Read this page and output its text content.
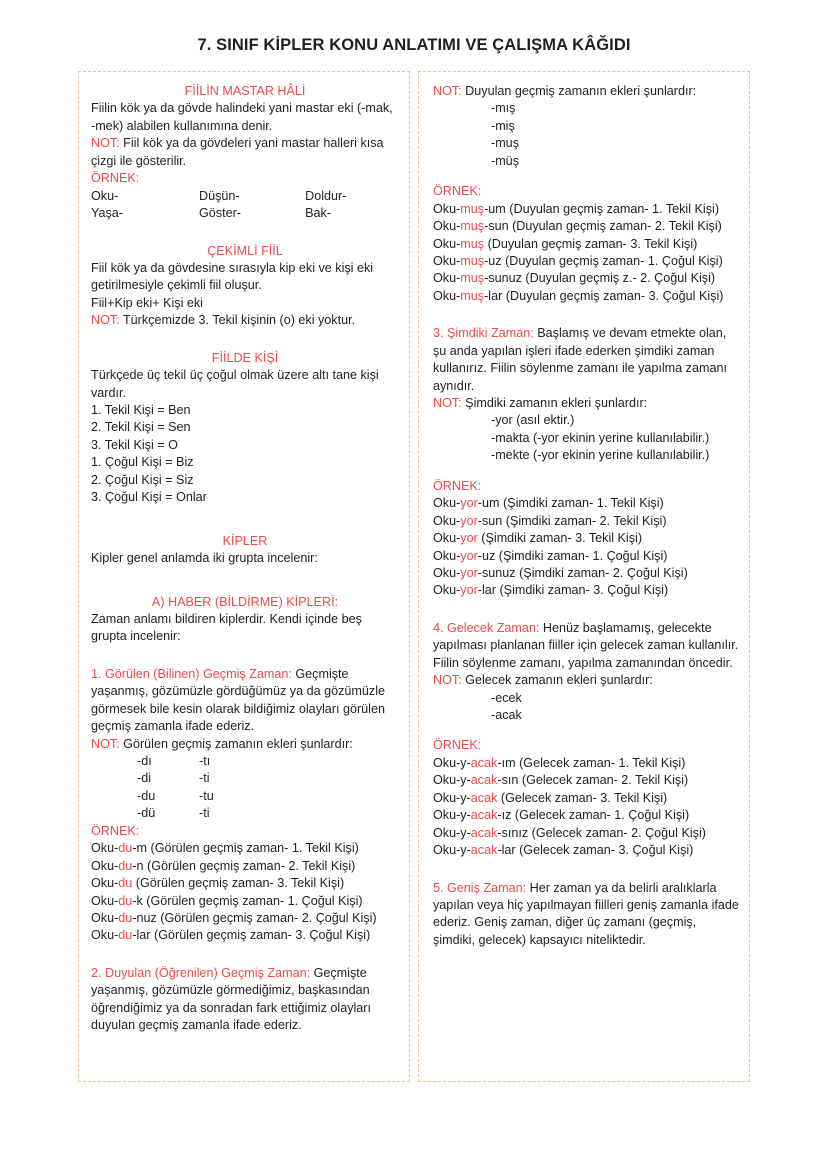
7. SINIF KİPLER KONU ANLATIMI VE ÇALIŞMA KÂĞIDI

FİİLİN MASTAR HÂLİ

Fiilin kök ya da gövde halindeki yani mastar eki (-mak, -mek) alabilen kullanımına denir.

NOT: Fiil kök ya da gövdeleri yani mastar halleri kısa çizgi ile gösterilir.

ÖRNEK:

Oku-	Düşün-	Doldur-
Yaşa-	Göster-	Bak-

ÇEKİMLİ FİİL

Fiil kök ya da gövdesine sırasıyla kip eki ve kişi eki getirilmesiyle çekimli fiil oluşur.

Fiil+Kip eki+ Kişi eki

NOT: Türkçemizde 3. Tekil kişinin (o) eki yoktur.

FİİLDE KİŞİ

Türkçede üç tekil üç çoğul olmak üzere altı tane kişi vardır.

1. Tekil Kişi = Ben

2. Tekil Kişi = Sen

3. Tekil Kişi = O

1. Çoğul Kişi = Biz

2. Çoğul Kişi = Siz

3. Çoğul Kişi = Onlar

KİPLER

Kipler genel anlamda iki grupta incelenir:

A) HABER (BİLDİRME) KİPLERİ:

Zaman anlamı bildiren kiplerdir. Kendi içinde beş grupta incelenir:

1. Görülen (Bilinen) Geçmiş Zaman: Geçmişte yaşanmış, gözümüzle gördüğümüz ya da gözümüzle görmesek bile kesin olarak bildiğimiz olayları görülen geçmiş zamanla ifade ederiz.

NOT: Görülen geçmiş zamanın ekleri şunlardır:

-dı	-tı
-di	-ti
-du	-tu
-dü	-ti

ÖRNEK:

Oku-du-m (Görülen geçmiş zaman- 1. Tekil Kişi)

Oku-du-n (Görülen geçmiş zaman- 2. Tekil Kişi)

Oku-du (Görülen geçmiş zaman- 3. Tekil Kişi)

Oku-du-k (Görülen geçmiş zaman- 1. Çoğul Kişi)

Oku-du-nuz (Görülen geçmiş zaman- 2. Çoğul Kişi)

Oku-du-lar (Görülen geçmiş zaman- 3. Çoğul Kişi)

2. Duyulan (Öğrenilen) Geçmiş Zaman: Geçmişte yaşanmış, gözümüzle görmediğimiz, başkasından öğrendiğimiz ya da sonradan fark ettiğimiz olayları duyulan geçmiş zamanla ifade ederiz.

NOT: Duyulan geçmiş zamanın ekleri şunlardır:

-mış

-miş

-muş

-müş

ÖRNEK:

Oku-muş-um (Duyulan geçmiş zaman- 1. Tekil Kişi)

Oku-muş-sun (Duyulan geçmiş zaman- 2. Tekil Kişi)

Oku-muş (Duyulan geçmiş zaman- 3. Tekil Kişi)

Oku-muş-uz (Duyulan geçmiş zaman- 1. Çoğul Kişi)

Oku-muş-sunuz (Duyulan geçmiş z.- 2. Çoğul Kişi)

Oku-muş-lar (Duyulan geçmiş zaman- 3. Çoğul Kişi)

3. Şimdiki Zaman: Başlamış ve devam etmekte olan, şu anda yapılan işleri ifade ederken şimdiki zaman kullanırız. Fiilin söylenme zamanı ile yapılma zamanı aynıdır.

NOT: Şimdiki zamanın ekleri şunlardır:

-yor (asıl ektir.)

-makta (-yor ekinin yerine kullanılabilir.)

-mekte (-yor ekinin yerine kullanılabilir.)

ÖRNEK:

Oku-yor-um (Şimdiki zaman- 1. Tekil Kişi)

Oku-yor-sun (Şimdiki zaman- 2. Tekil Kişi)

Oku-yor (Şimdiki zaman- 3. Tekil Kişi)

Oku-yor-uz (Şimdiki zaman- 1. Çoğul Kişi)

Oku-yor-sunuz (Şimdiki zaman- 2. Çoğul Kişi)

Oku-yor-lar (Şimdiki zaman- 3. Çoğul Kişi)

4. Gelecek Zaman: Henüz başlamamış, gelecekte yapılması planlanan fiiller için gelecek zaman kullanılır. Fiilin söylenme zamanı, yapılma zamanından öncedir.

NOT: Gelecek zamanın ekleri şunlardır:

-ecek

-acak

ÖRNEK:

Oku-y-acak-ım (Gelecek zaman- 1. Tekil Kişi)

Oku-y-acak-sın (Gelecek zaman- 2. Tekil Kişi)

Oku-y-acak (Gelecek zaman- 3. Tekil Kişi)

Oku-y-acak-ız (Gelecek zaman- 1. Çoğul Kişi)

Oku-y-acak-sınız (Gelecek zaman- 2. Çoğul Kişi)

Oku-y-acak-lar (Gelecek zaman- 3. Çoğul Kişi)

5. Geniş Zaman: Her zaman ya da belirli aralıklarla yapılan veya hiç yapılmayan fiilleri geniş zamanla ifade ederiz. Geniş zaman, diğer üç zamanı (geçmiş, şimdiki, gelecek) kapsayıcı niteliktedir.
